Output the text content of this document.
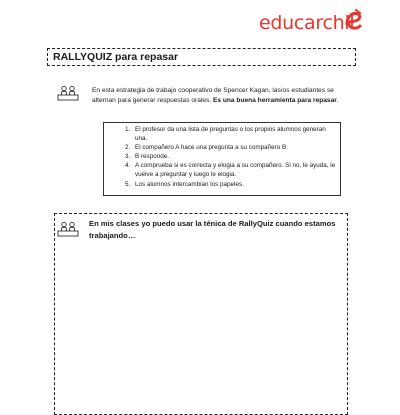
educarchil
RALLYQUIZ para repasar
En esta estrategia de trabajo cooperativo de Spencer Kagan, las/os estudiantes se alternan para generar respuestas orales. Es una buena herramienta para repasar.
1. El profesor da una lista de preguntas o los propios alumnos generan una.
2. El compañero A hace una pregunta a su compañero B.
3. B responde.
4. A comprueba si es correcta y elogia a su compañero. Si no, le ayuda, le vuelve a preguntar y luego le elogia.
5. Los alumnos intercambian los papeles.
En mis clases yo puedo usar la ténica de RallyQuiz cuando estamos trabajando…
